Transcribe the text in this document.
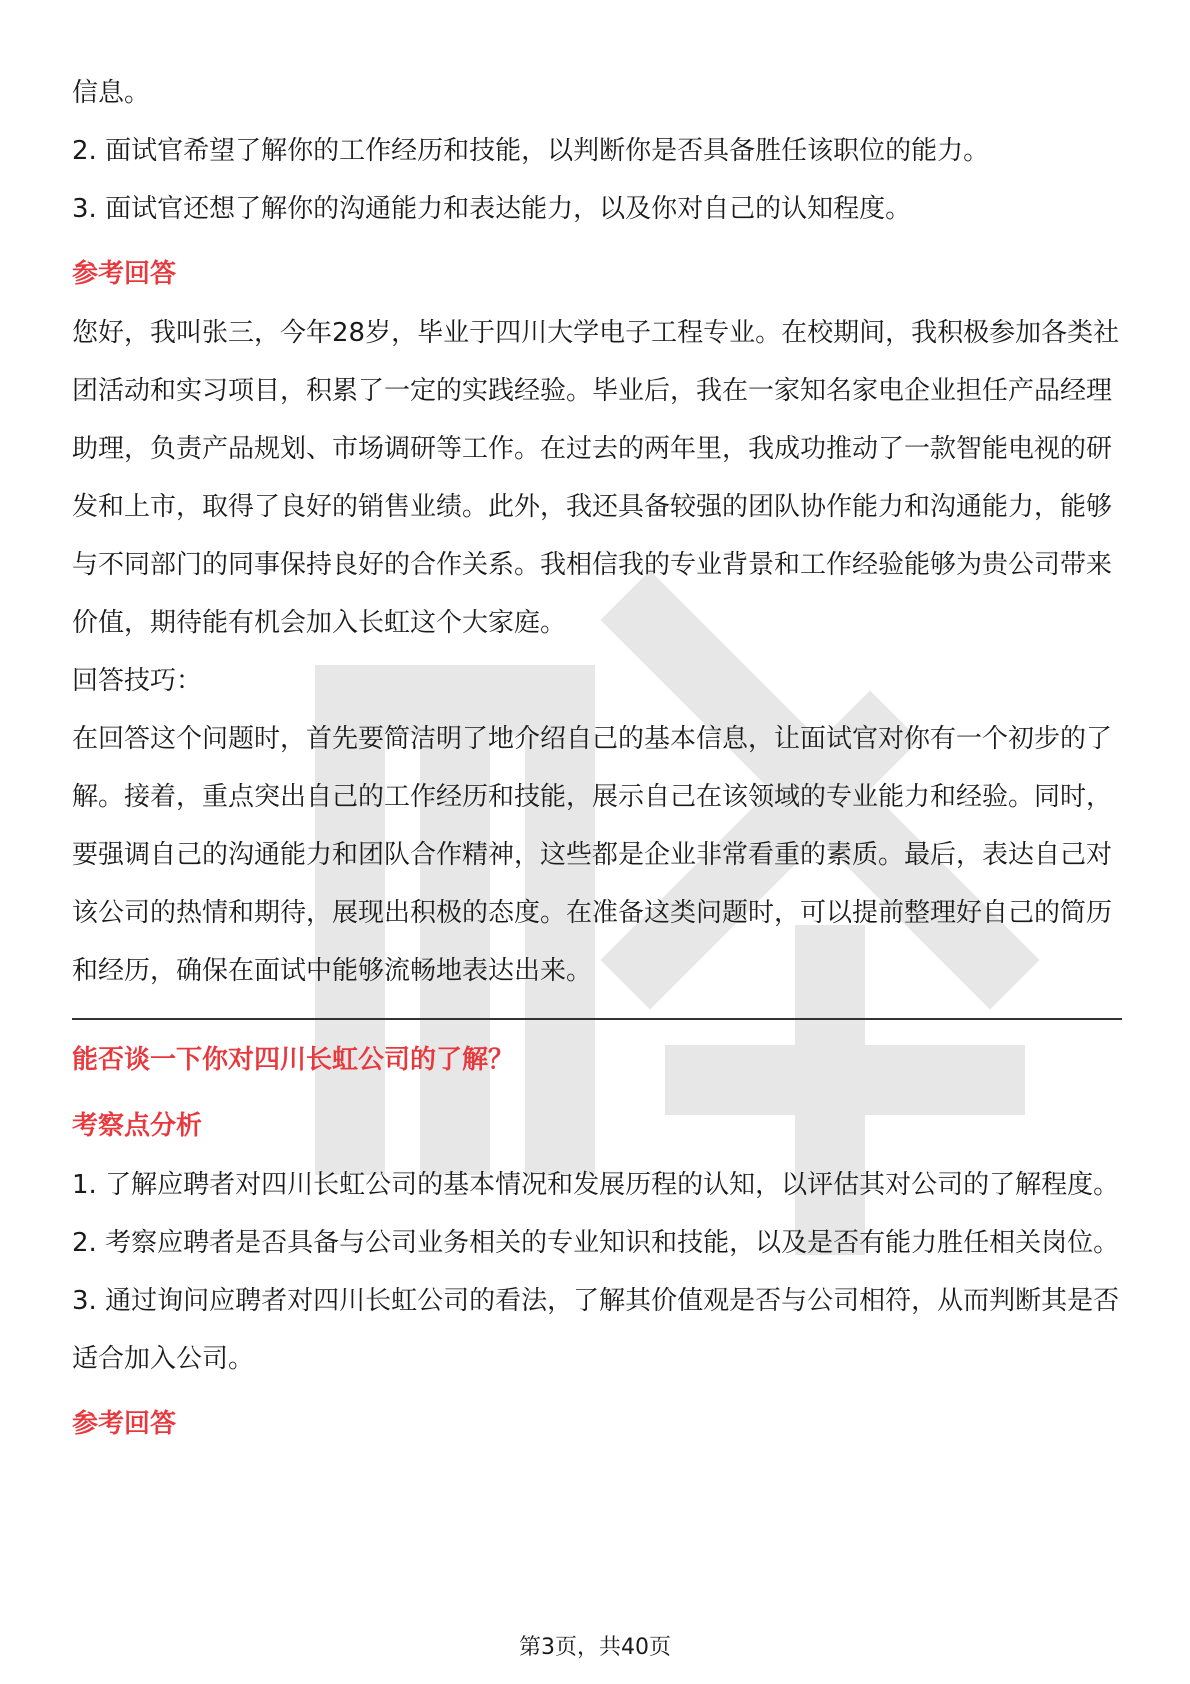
信息。

2. 面试官希望了解你的工作经历和技能，以判断你是否具备胜任该职位的能力。

3. 面试官还想了解你的沟通能力和表达能力，以及你对自己的认知程度。

参考回答

您好，我叫张三，今年28岁，毕业于四川大学电子工程专业。在校期间，我积极参加各类社团活动和实习项目，积累了一定的实践经验。毕业后，我在一家知名家电企业担任产品经理助理，负责产品规划、市场调研等工作。在过去的两年里，我成功推动了一款智能电视的研发和上市，取得了良好的销售业绩。此外，我还具备较强的团队协作能力和沟通能力，能够与不同部门的同事保持良好的合作关系。我相信我的专业背景和工作经验能够为贵公司带来价值，期待能有机会加入长虹这个大家庭。

回答技巧：

在回答这个问题时，首先要简洁明了地介绍自己的基本信息，让面试官对你有一个初步的了解。接着，重点突出自己的工作经历和技能，展示自己在该领域的专业能力和经验。同时，要强调自己的沟通能力和团队合作精神，这些都是企业非常看重的素质。最后，表达自己对该公司的热情和期待，展现出积极的态度。在准备这类问题时，可以提前整理好自己的简历和经历，确保在面试中能够流畅地表达出来。

能否谈一下你对四川长虹公司的了解？

考察点分析

1. 了解应聘者对四川长虹公司的基本情况和发展历程的认知，以评估其对公司的了解程度。

2. 考察应聘者是否具备与公司业务相关的专业知识和技能，以及是否有能力胜任相关岗位。

3. 通过询问应聘者对四川长虹公司的看法，了解其价值观是否与公司相符，从而判断其是否适合加入公司。

参考回答

第3页，共40页
